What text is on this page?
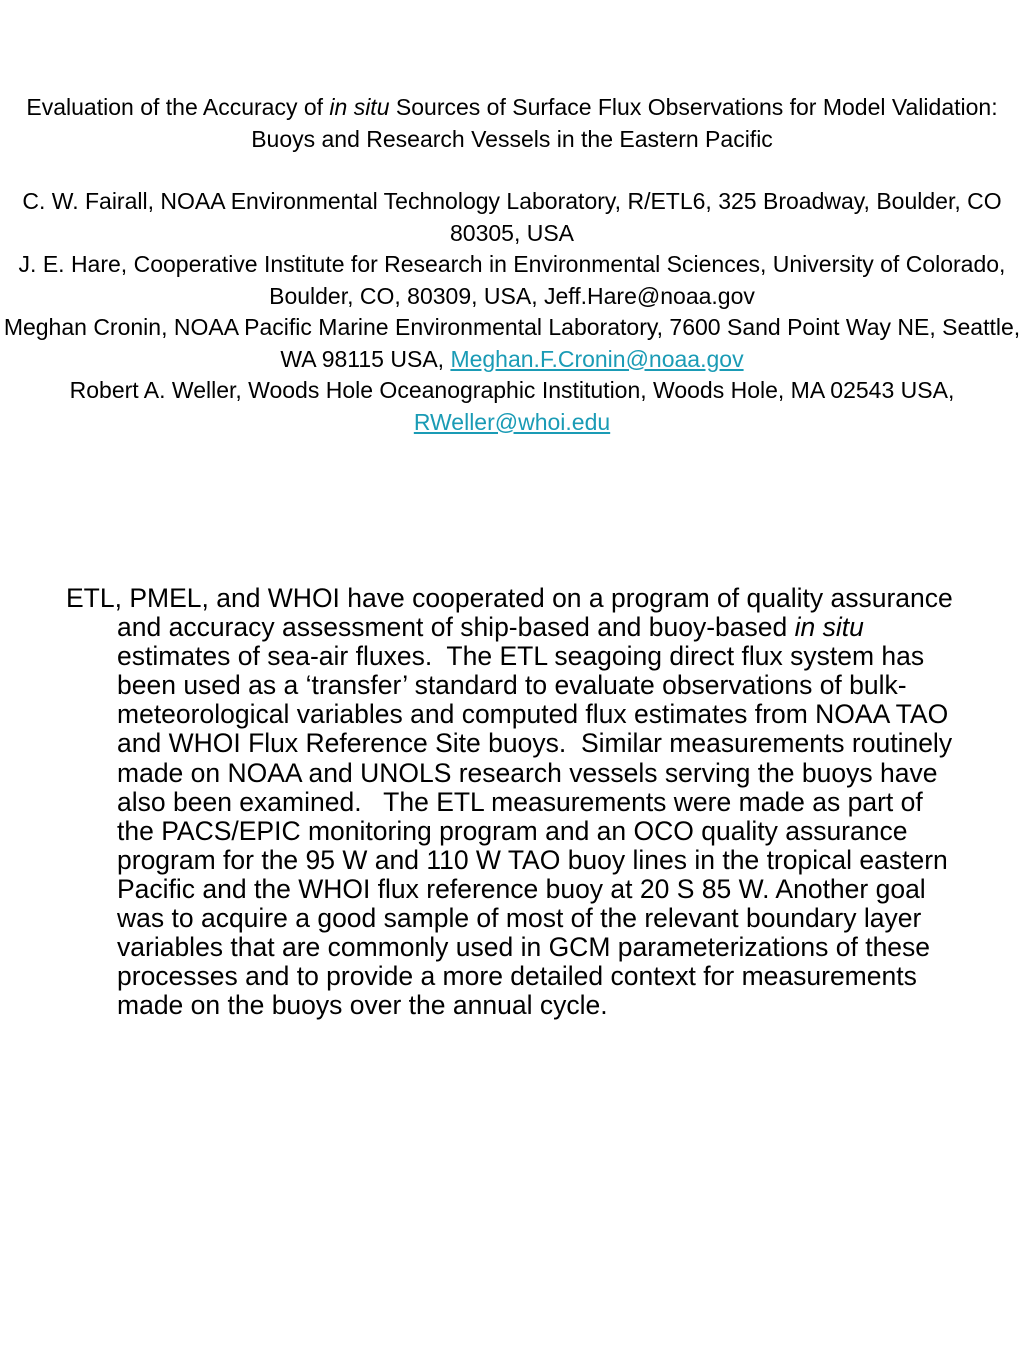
Evaluation of the Accuracy of in situ Sources of Surface Flux Observations for Model Validation: Buoys and Research Vessels in the Eastern Pacific

C. W. Fairall, NOAA Environmental Technology Laboratory, R/ETL6, 325 Broadway, Boulder, CO 80305, USA

J. E. Hare, Cooperative Institute for Research in Environmental Sciences, University of Colorado, Boulder, CO, 80309, USA, Jeff.Hare@noaa.gov

Meghan Cronin, NOAA Pacific Marine Environmental Laboratory, 7600 Sand Point Way NE, Seattle, WA 98115 USA, Meghan.F.Cronin@noaa.gov

Robert A. Weller, Woods Hole Oceanographic Institution, Woods Hole, MA 02543 USA, RWeller@whoi.edu

ETL, PMEL, and WHOI have cooperated on a program of quality assurance and accuracy assessment of ship-based and buoy-based in situ estimates of sea-air fluxes.  The ETL seagoing direct flux system has been used as a ‘transfer’ standard to evaluate observations of bulk-meteorological variables and computed flux estimates from NOAA TAO and WHOI Flux Reference Site buoys.  Similar measurements routinely made on NOAA and UNOLS research vessels serving the buoys have also been examined.   The ETL measurements were made as part of the PACS/EPIC monitoring program and an OCO quality assurance program for the 95 W and 110 W TAO buoy lines in the tropical eastern Pacific and the WHOI flux reference buoy at 20 S 85 W. Another goal was to acquire a good sample of most of the relevant boundary layer variables that are commonly used in GCM parameterizations of these processes and to provide a more detailed context for measurements made on the buoys over the annual cycle.
